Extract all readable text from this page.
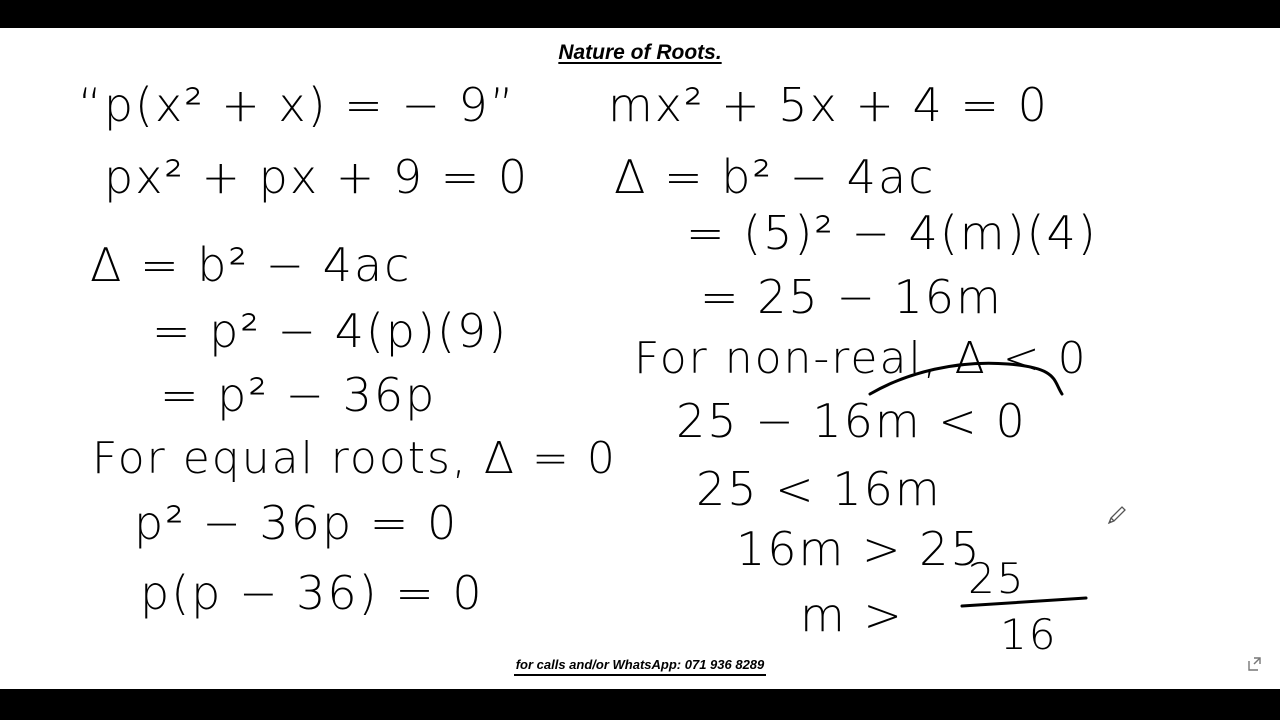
Nature of Roots.
“p(x² + x) = − 9”
px² + px + 9 = 0
Δ = b² − 4ac
= p² − 4(p)(9)
= p² − 36p
For equal roots, Δ = 0
p² − 36p = 0
p(p − 36) = 0
mx² + 5x + 4 = 0
Δ = b² − 4ac
= (5)² − 4(m)(4)
= 25 − 16m
For non-real, Δ < 0
25 − 16m < 0
25 < 16m
16m > 25
m >
25
16
for calls and/or WhatsApp: 071 936 8289
